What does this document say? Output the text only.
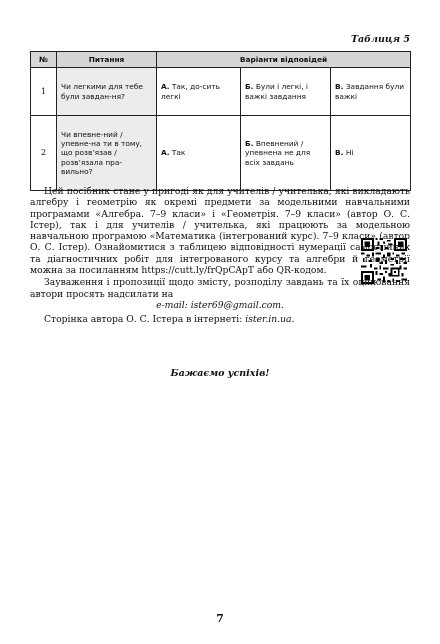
Таблиця 5
№	Питання	Варіанти відповідей		
1	Чи легкими для тебе були завдан-ня?	А. Так, до-сить легкі	Б. Були і легкі, і важкі завдання	В. Завдання були важкі
2	Чи впевне-ний / упевне-на ти в тому, що розв’язав / розв’язала пра-вильно?	А. Так	Б. Впевнений / упевнена не для всіх завдань	В. Ні

Цей посібник стане у пригоді як для учителів / учителька, які викладають алгебру і геометрію як окремі предмети за модельними навчальними програмами «Алгебра. 7–9 класи» і «Геометрія. 7–9 класи» (автор О. С. Істер), так і для учителів / учителька, які працюють за модельною навчальною програмою «Математика (інтегрований курс). 7–9 класи» (автор О. С. Істер). Ознайомитися з таблицею відповідності нумерації самостійних та діагностичних робіт для інтегрованого курсу та алгебри й геометрії можна за посиланням https://cutt.ly/frQpCApT або QR-кодом.

Зауваження і пропозиції щодо змісту, розподілу завдань та їх оцінювання автори просять надсилати на

e-mail: ister69@gmail.com.

Сторінка автора О. С. Істера в інтернеті: ister.in.ua.

Бажаємо успіхів!
7
